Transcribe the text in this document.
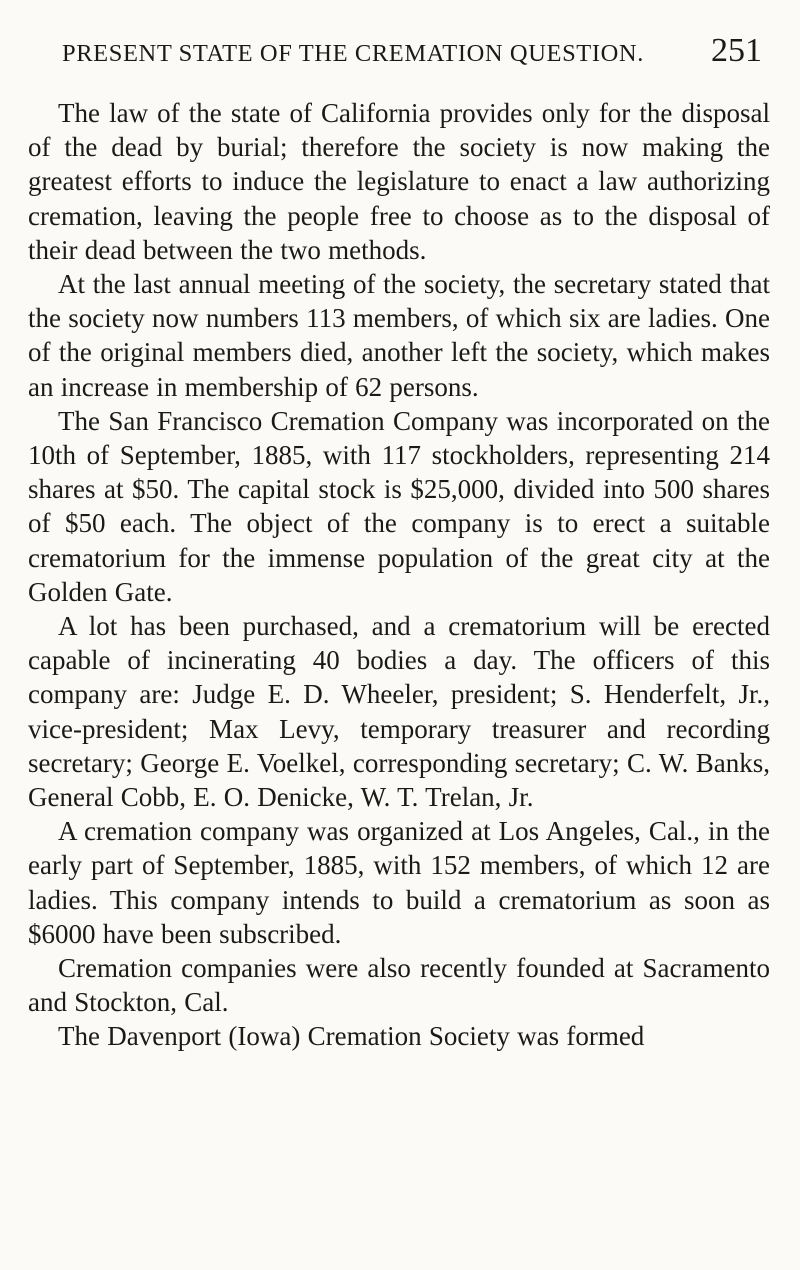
PRESENT STATE OF THE CREMATION QUESTION. 251

The law of the state of California provides only for the disposal of the dead by burial; therefore the society is now making the greatest efforts to induce the legislature to enact a law authorizing cremation, leaving the people free to choose as to the disposal of their dead between the two methods.

At the last annual meeting of the society, the secretary stated that the society now numbers 113 members, of which six are ladies. One of the original members died, another left the society, which makes an increase in membership of 62 persons.

The San Francisco Cremation Company was incorporated on the 10th of September, 1885, with 117 stockholders, representing 214 shares at $50. The capital stock is $25,000, divided into 500 shares of $50 each. The object of the company is to erect a suitable crematorium for the immense population of the great city at the Golden Gate.

A lot has been purchased, and a crematorium will be erected capable of incinerating 40 bodies a day. The officers of this company are: Judge E. D. Wheeler, president; S. Henderfelt, Jr., vice-president; Max Levy, temporary treasurer and recording secretary; George E. Voelkel, corresponding secretary; C. W. Banks, General Cobb, E. O. Denicke, W. T. Trelan, Jr.

A cremation company was organized at Los Angeles, Cal., in the early part of September, 1885, with 152 members, of which 12 are ladies. This company intends to build a crematorium as soon as $6000 have been subscribed.

Cremation companies were also recently founded at Sacramento and Stockton, Cal.

The Davenport (Iowa) Cremation Society was formed
